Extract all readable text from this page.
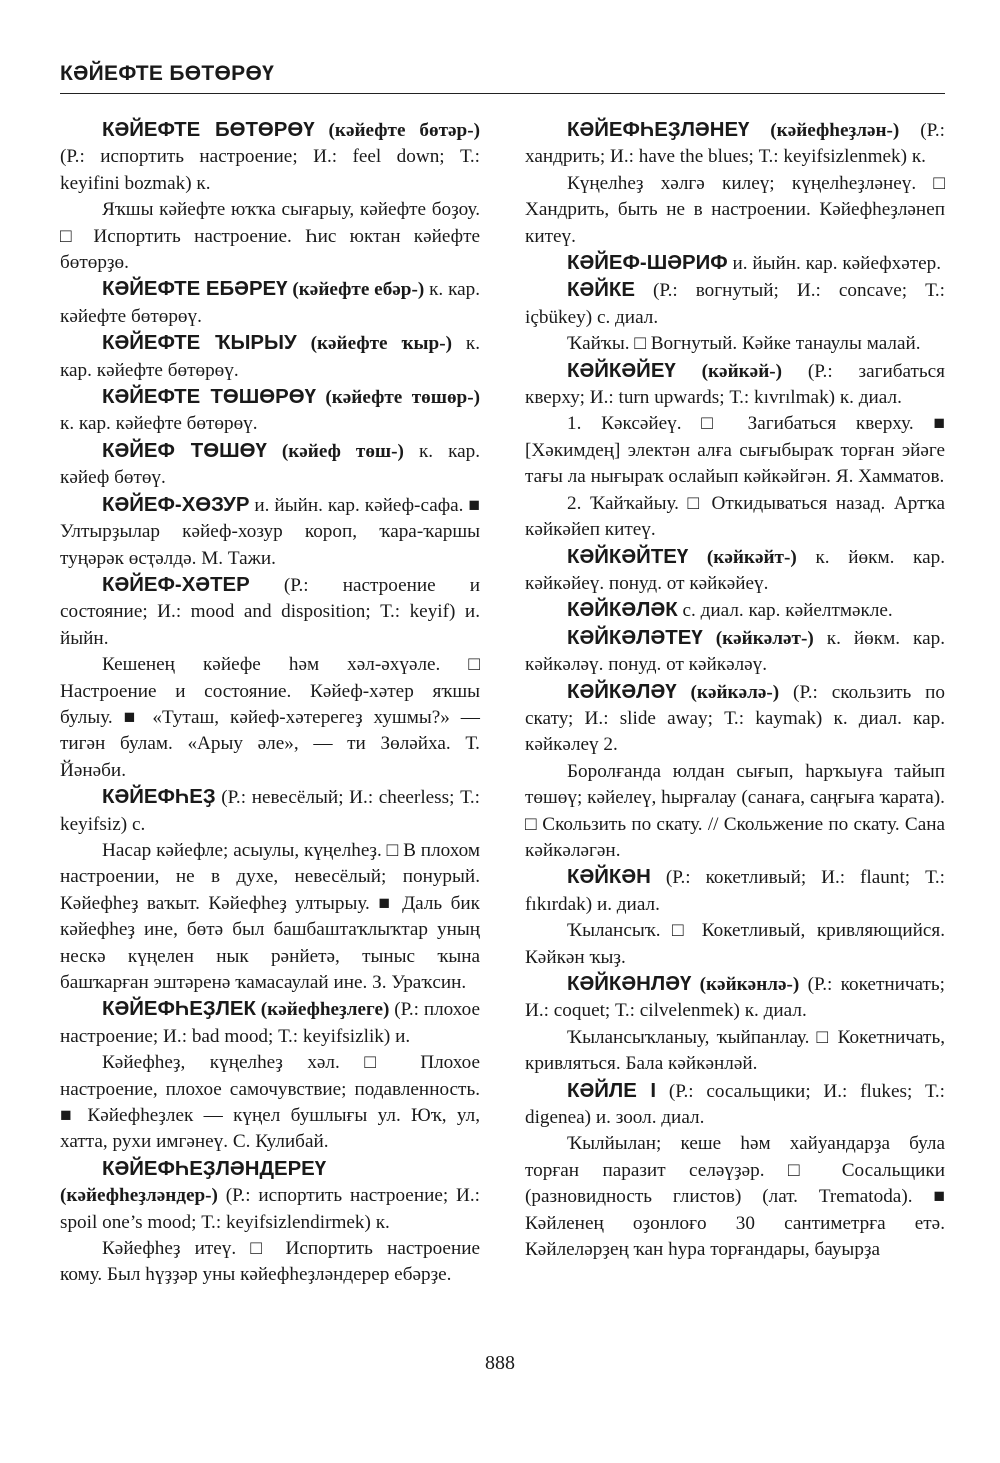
КӘЙЕФТЕ БӨТӨРӨҮ

КӘЙЕФТЕ БӨТӨРӨҮ (кәйефте бөтәр-) (Р.: испортить настроение; И.: feel down; Т.: keyifini bozmak) к.

Яҡшы кәйефте юҡҡа сығарыу, кәйефте боҙоу. □ Испортить настроение. Һис юктан кәйефте бөтөрҙө.

КӘЙЕФТЕ ЕБӘРЕҮ (кәйефте ебәр-) к. кар. кәйефте бөтөрөү.

КӘЙЕФТЕ ҠЫРЫУ (кәйефте ҡыр-) к. кар. кәйефте бөтөрөү.

КӘЙЕФТЕ ТӨШӨРӨҮ (кәйефте төшөр-) к. кар. кәйефте бөтөрөү.

КӘЙЕФ ТӨШӨҮ (кәйеф төш-) к. кар. кәйеф бөтөү.

КӘЙЕФ-ХӨЗУР и. йыйн. кар. кәйеф-сафа. ■ Ултырҙылар кәйеф-хозур короп, ҡара-ҡаршы туңәрәк өсҭәлдә. М. Тажи.

КӘЙЕФ-ХӘТЕР (Р.: настроение и состояние; И.: mood and disposition; Т.: keyif) и. йыйн.

Кешенең кәйефе һәм хәл-әхүәле. □ Настроение и состояние. Кәйеф-хәтер яҡшы булыу. ■ «Туташ, кәйеф-хәтерегеҙ хушмы?» — тигән булам. «Арыу әле», — ти Зөләйха. Т. Йәнәби.

КӘЙЕФҺЕҘ (Р.: невесёлый; И.: cheerless; Т.: keyifsiz) с.

Насар кәйефле; асыулы, күңелһеҙ. □ В плохом настроении, не в духе, невесёлый; понурый. Кәйефһеҙ ваҡыт. Кәйефһеҙ ултырыу. ■ Даль бик кәйефһеҙ ине, бөтә был башбаштаҡлыҡтар уның нескә күңелен нык рәнйетә, тыныс ҡына башҡарған эштәренә ҡамасаулай ине. З. Ураҡсин.

КӘЙЕФҺЕҘЛЕК (кәйефһеҙлеге) (Р.: плохое настроение; И.: bad mood; Т.: keyifsizlik) и.

Кәйефһеҙ, күңелһеҙ хәл. □ Плохое настроение, плохое самочувствие; подавленность. ■ Кәйефһеҙлек — күңел бушлығы ул. Юҡ, ул, хатта, рухи имгәнеү. С. Кулибай.

КӘЙЕФҺЕҘЛӘНДЕРЕҮ (кәйефһеҙләндер-) (Р.: испортить настроение; И.: spoil one’s mood; Т.: keyifsizlendirmek) к.

Кәйефһеҙ итеү. □ Испортить настроение кому. Был һүҙҙәр уны кәйефһеҙләндерер ебәрҙе.

КӘЙЕФҺЕҘЛӘНЕҮ (кәйефһеҙлән-) (Р.: хандрить; И.: have the blues; Т.: keyifsizlenmek) к.

Күңелһеҙ хәлгә килеү; күңелһеҙләнеү. □ Хандрить, быть не в настроении. Кәйефһеҙләнеп китеү.

КӘЙЕФ-ШӘРИФ и. йыйн. кар. кәйефхәтер.

КӘЙКЕ (Р.: вогнутый; И.: concave; Т.: içbükey) с. диал.

Ҡайҡы. □ Вогнутый. Кәйке танаулы малай.

КӘЙКӘЙЕҮ (кәйкәй-) (Р.: загибаться кверху; И.: turn upwards; Т.: kıvrılmak) к. диал.

1. Кәксәйеү. □ Загибаться кверху. ■ [Хәкимдең] электән алға сығыбыраҡ торған эйәге тағы ла нығыраҡ ослайып кәйкәйгән. Я. Хамматов.

2. Ҡайҡайыу. □ Откидываться назад. Артҡа кәйкәйеп китеү.

КӘЙКӘЙТЕҮ (кәйкәйт-) к. йөкм. кар. кәйкәйеү. понуд. от кәйкәйеү.

КӘЙКӘЛӘК с. диал. кар. кәйелтмәкле.

КӘЙКӘЛӘТЕҮ (кәйкәләт-) к. йөкм. кар. кәйкәләү. понуд. от кәйкәләү.

КӘЙКӘЛӘҮ (кәйкәлә-) (Р.: скользить по скату; И.: slide away; Т.: kaymak) к. диал. кар. кәйкәлеү 2.

Боролғанда юлдан сығып, һарҡыуға тайып төшөү; кәйелеү, һырғалау (санаға, саңғыға ҡарата). □ Скользить по скату. // Скольжение по скату. Сана кәйкәләгән.

КӘЙКӘН (Р.: кокетливый; И.: flaunt; Т.: fıkırdak) и. диал.

Ҡылансыҡ. □ Кокетливый, кривляющийся. Кәйкән ҡыҙ.

КӘЙКӘНЛӘҮ (кәйкәнлә-) (Р.: кокетничать; И.: coquet; Т.: cilvelenmek) к. диал.

Ҡылансыҡланыу, ҡыйпанлау. □ Кокетничать, кривляться. Бала кәйкәнләй.

КӘЙЛЕ I (Р.: сосальщики; И.: flukes; Т.: digenea) и. зоол. диал.

Ҡылйылан; кеше һәм хайуандарҙа була торған паразит селәүҙәр. □ Сосальщики (разновидность глистов) (лат. Trematoda). ■ Кәйленең оҙонлоғо 30 сантиметрға етә. Кәйлеләрҙең ҡан һура торғандары, бауырҙа

888
